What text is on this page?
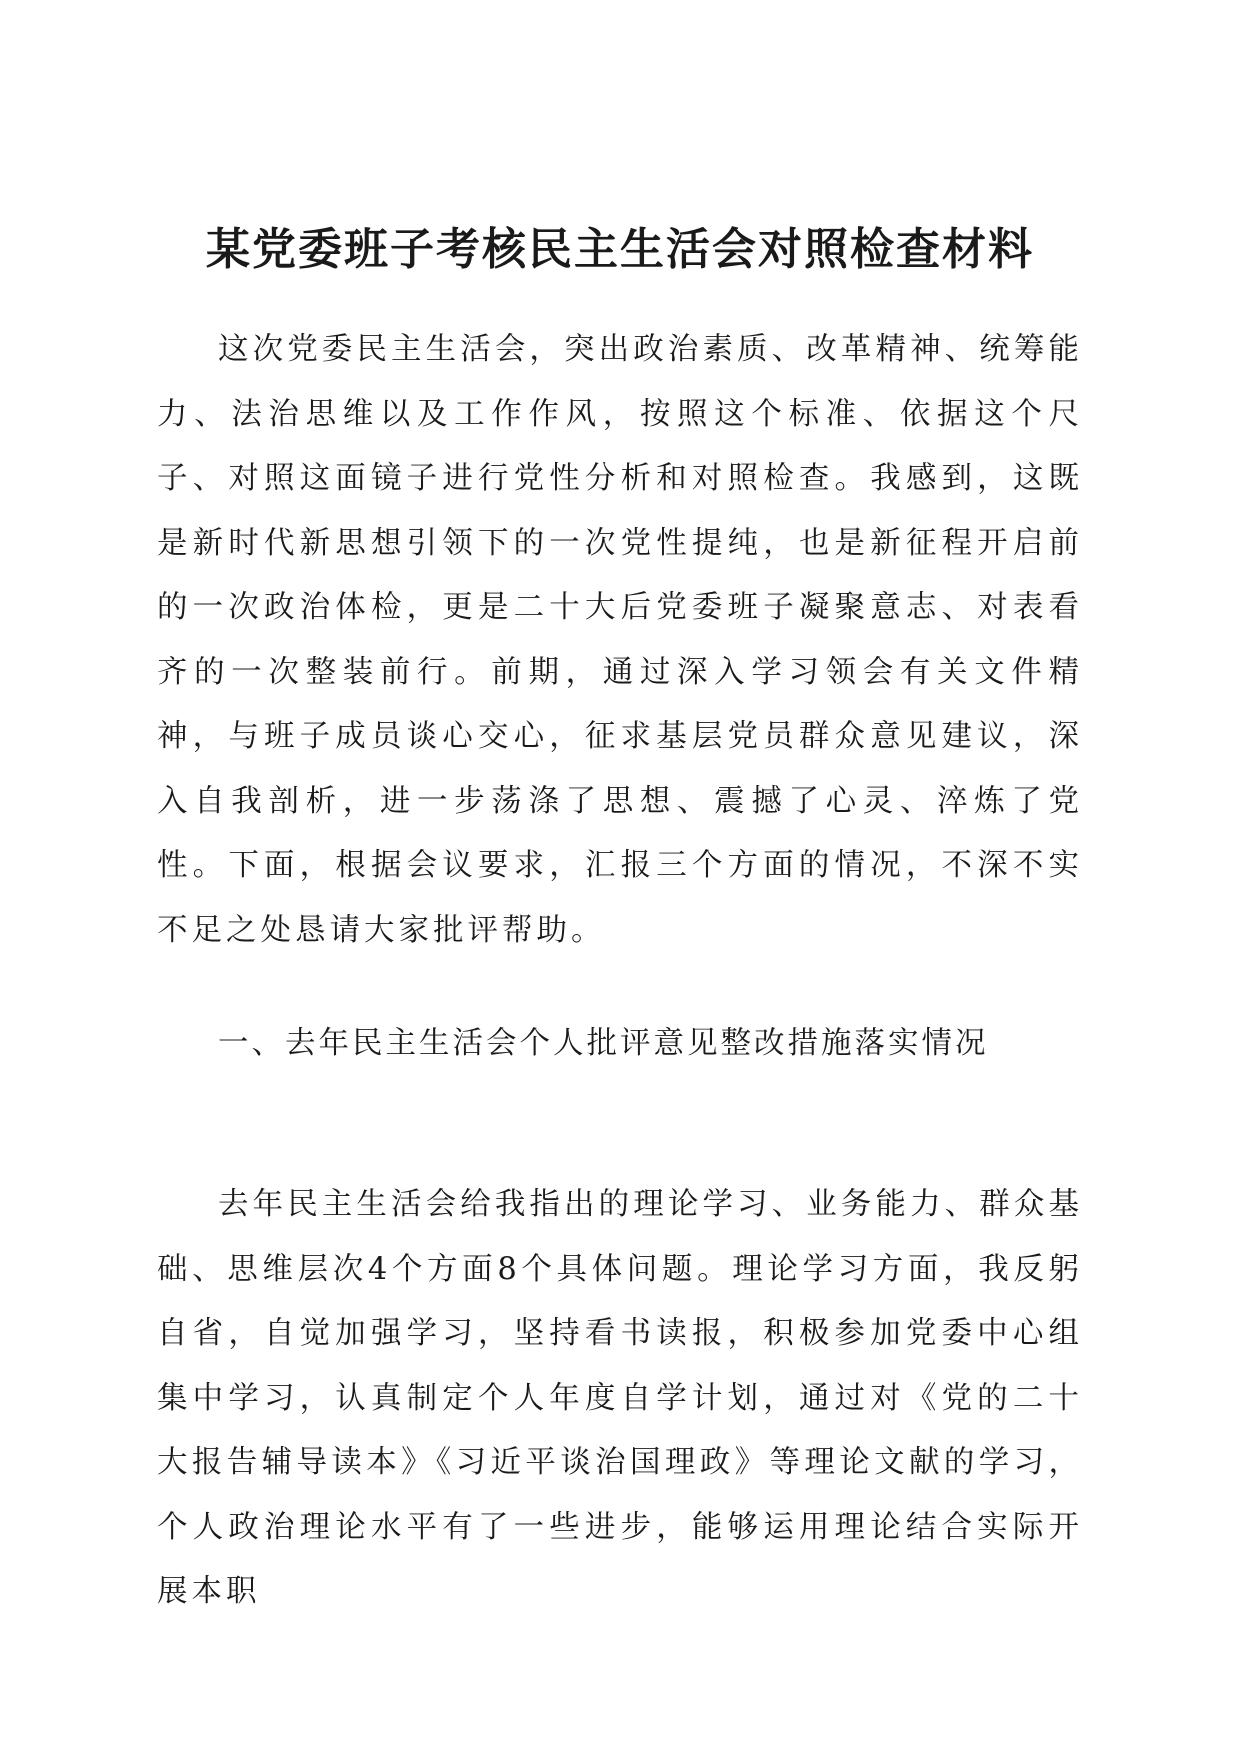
某党委班子考核民主生活会对照检查材料

这次党委民主生活会，突出政治素质、改革精神、统筹能力、法治思维以及工作作风，按照这个标准、依据这个尺子、对照这面镜子进行党性分析和对照检查。我感到，这既是新时代新思想引领下的一次党性提纯，也是新征程开启前的一次政治体检，更是二十大后党委班子凝聚意志、对表看齐的一次整装前行。前期，通过深入学习领会有关文件精神，与班子成员谈心交心，征求基层党员群众意见建议，深入自我剖析，进一步荡涤了思想、震撼了心灵、淬炼了党性。下面，根据会议要求，汇报三个方面的情况，不深不实不足之处恳请大家批评帮助。

一、去年民主生活会个人批评意见整改措施落实情况

去年民主生活会给我指出的理论学习、业务能力、群众基础、思维层次4个方面8个具体问题。理论学习方面，我反躬自省，自觉加强学习，坚持看书读报，积极参加党委中心组集中学习，认真制定个人年度自学计划，通过对《党的二十大报告辅导读本》《习近平谈治国理政》等理论文献的学习，个人政治理论水平有了一些进步，能够运用理论结合实际开展本职
